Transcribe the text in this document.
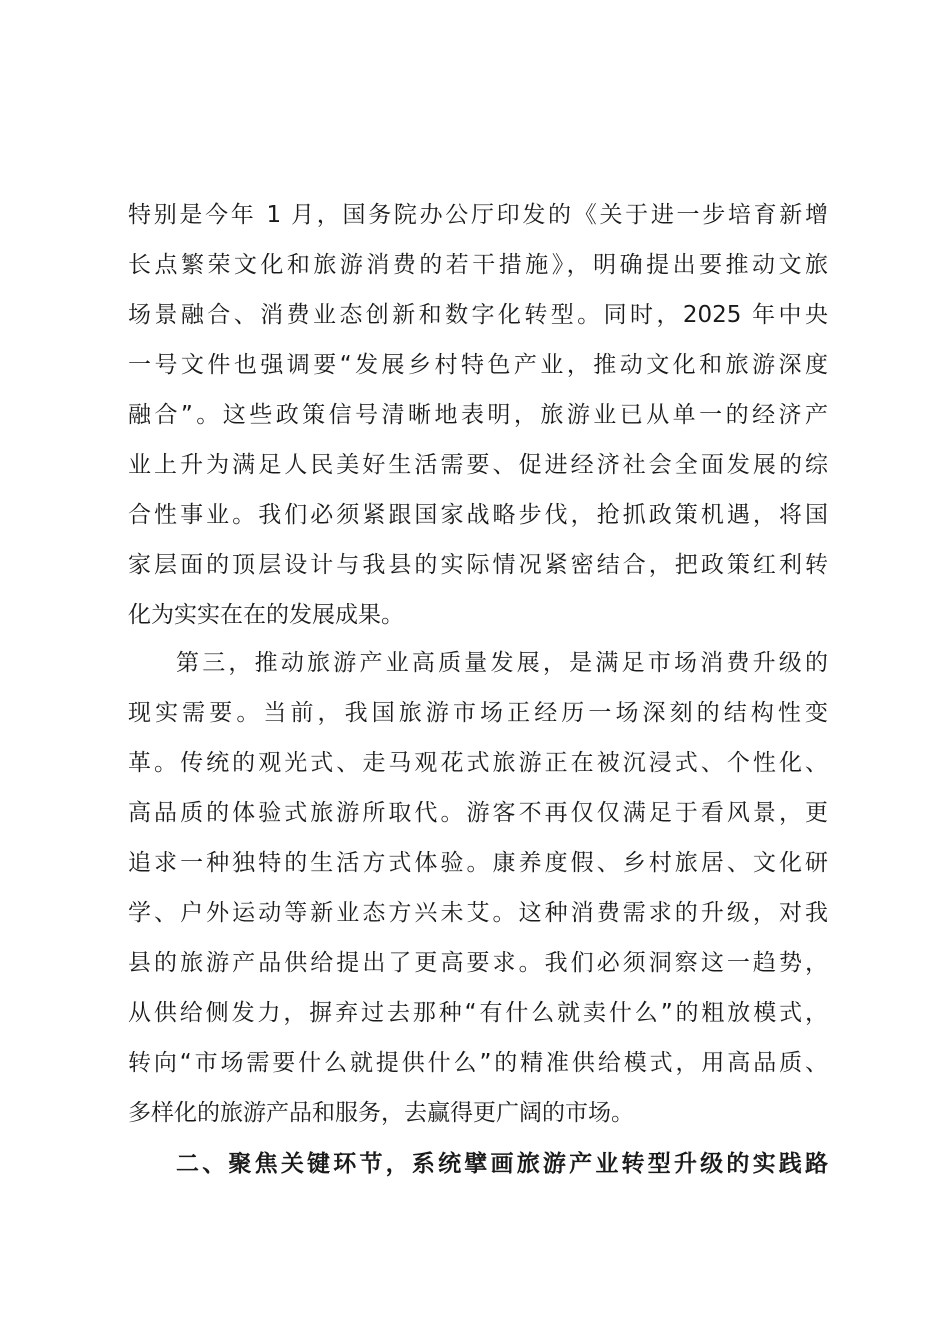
特别是今年 1 月，国务院办公厅印发的《关于进一步培育新增
长点繁荣文化和旅游消费的若干措施》，明确提出要推动文旅
场景融合、消费业态创新和数字化转型。同时，2025 年中央
一号文件也强调要“发展乡村特色产业，推动文化和旅游深度
融合”。这些政策信号清晰地表明，旅游业已从单一的经济产
业上升为满足人民美好生活需要、促进经济社会全面发展的综
合性事业。我们必须紧跟国家战略步伐，抢抓政策机遇，将国
家层面的顶层设计与我县的实际情况紧密结合，把政策红利转
化为实实在在的发展成果。
第三，推动旅游产业高质量发展，是满足市场消费升级的
现实需要。当前，我国旅游市场正经历一场深刻的结构性变
革。传统的观光式、走马观花式旅游正在被沉浸式、个性化、
高品质的体验式旅游所取代。游客不再仅仅满足于看风景，更
追求一种独特的生活方式体验。康养度假、乡村旅居、文化研
学、户外运动等新业态方兴未艾。这种消费需求的升级，对我
县的旅游产品供给提出了更高要求。我们必须洞察这一趋势，
从供给侧发力，摒弃过去那种“有什么就卖什么”的粗放模式，
转向“市场需要什么就提供什么”的精准供给模式，用高品质、
多样化的旅游产品和服务，去赢得更广阔的市场。
二、聚焦关键环节，系统擘画旅游产业转型升级的实践路
